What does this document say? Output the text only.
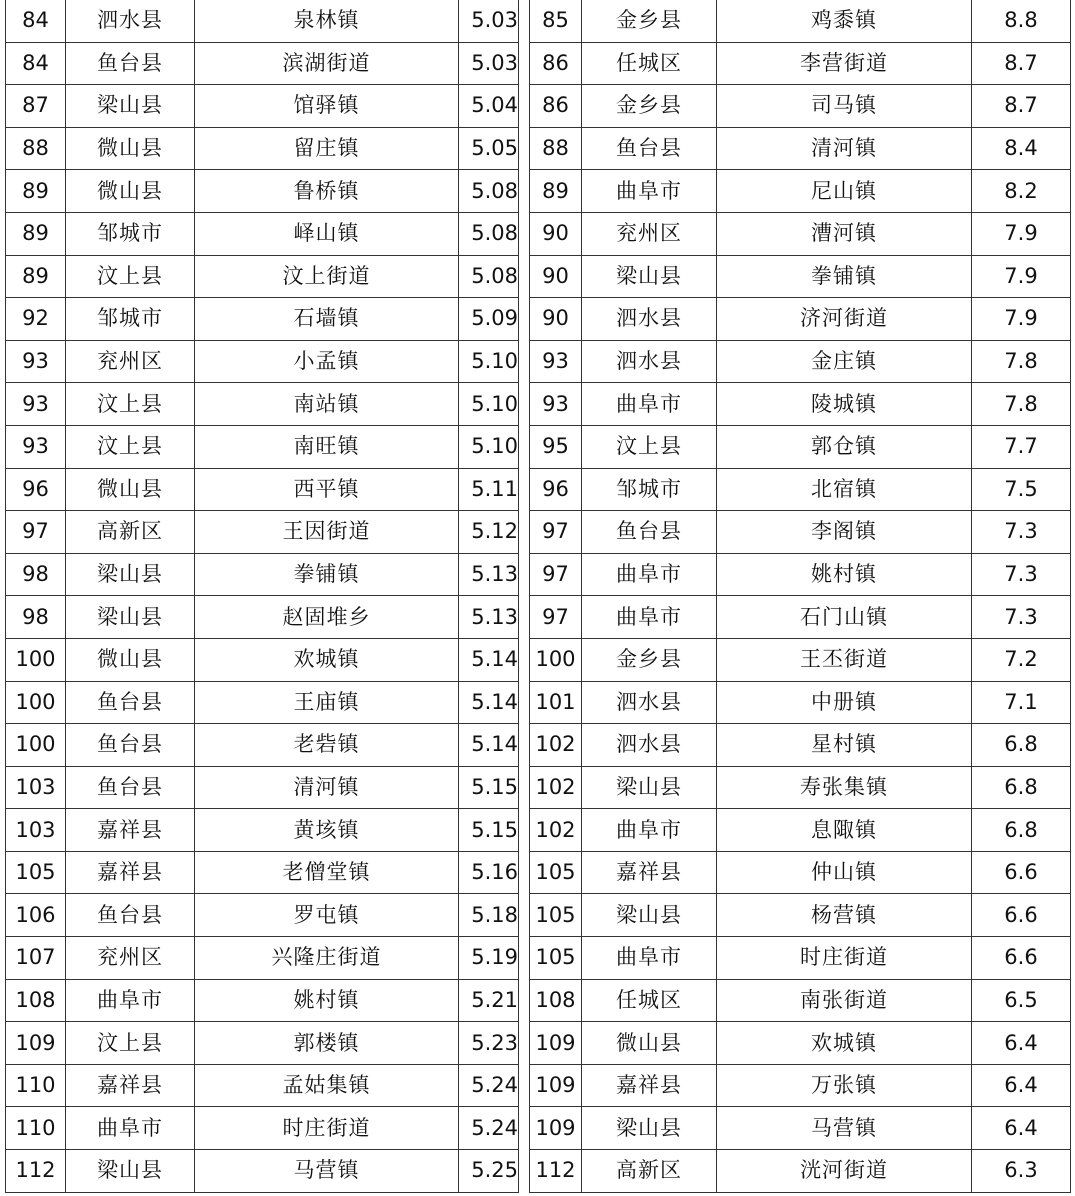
84	泗水县	泉林镇	5.03
84	鱼台县	滨湖街道	5.03
87	梁山县	馆驿镇	5.04
88	微山县	留庄镇	5.05
89	微山县	鲁桥镇	5.08
89	邹城市	峄山镇	5.08
89	汶上县	汶上街道	5.08
92	邹城市	石墙镇	5.09
93	兖州区	小孟镇	5.10
93	汶上县	南站镇	5.10
93	汶上县	南旺镇	5.10
96	微山县	西平镇	5.11
97	高新区	王因街道	5.12
98	梁山县	拳铺镇	5.13
98	梁山县	赵固堆乡	5.13
100	微山县	欢城镇	5.14
100	鱼台县	王庙镇	5.14
100	鱼台县	老砦镇	5.14
103	鱼台县	清河镇	5.15
103	嘉祥县	黄垓镇	5.15
105	嘉祥县	老僧堂镇	5.16
106	鱼台县	罗屯镇	5.18
107	兖州区	兴隆庄街道	5.19
108	曲阜市	姚村镇	5.21
109	汶上县	郭楼镇	5.23
110	嘉祥县	孟姑集镇	5.24
110	曲阜市	时庄街道	5.24
112	梁山县	马营镇	5.25
85	金乡县	鸡黍镇	8.8
86	任城区	李营街道	8.7
86	金乡县	司马镇	8.7
88	鱼台县	清河镇	8.4
89	曲阜市	尼山镇	8.2
90	兖州区	漕河镇	7.9
90	梁山县	拳铺镇	7.9
90	泗水县	济河街道	7.9
93	泗水县	金庄镇	7.8
93	曲阜市	陵城镇	7.8
95	汶上县	郭仓镇	7.7
96	邹城市	北宿镇	7.5
97	鱼台县	李阁镇	7.3
97	曲阜市	姚村镇	7.3
97	曲阜市	石门山镇	7.3
100	金乡县	王丕街道	7.2
101	泗水县	中册镇	7.1
102	泗水县	星村镇	6.8
102	梁山县	寿张集镇	6.8
102	曲阜市	息陬镇	6.8
105	嘉祥县	仲山镇	6.6
105	梁山县	杨营镇	6.6
105	曲阜市	时庄街道	6.6
108	任城区	南张街道	6.5
109	微山县	欢城镇	6.4
109	嘉祥县	万张镇	6.4
109	梁山县	马营镇	6.4
112	高新区	洸河街道	6.3
